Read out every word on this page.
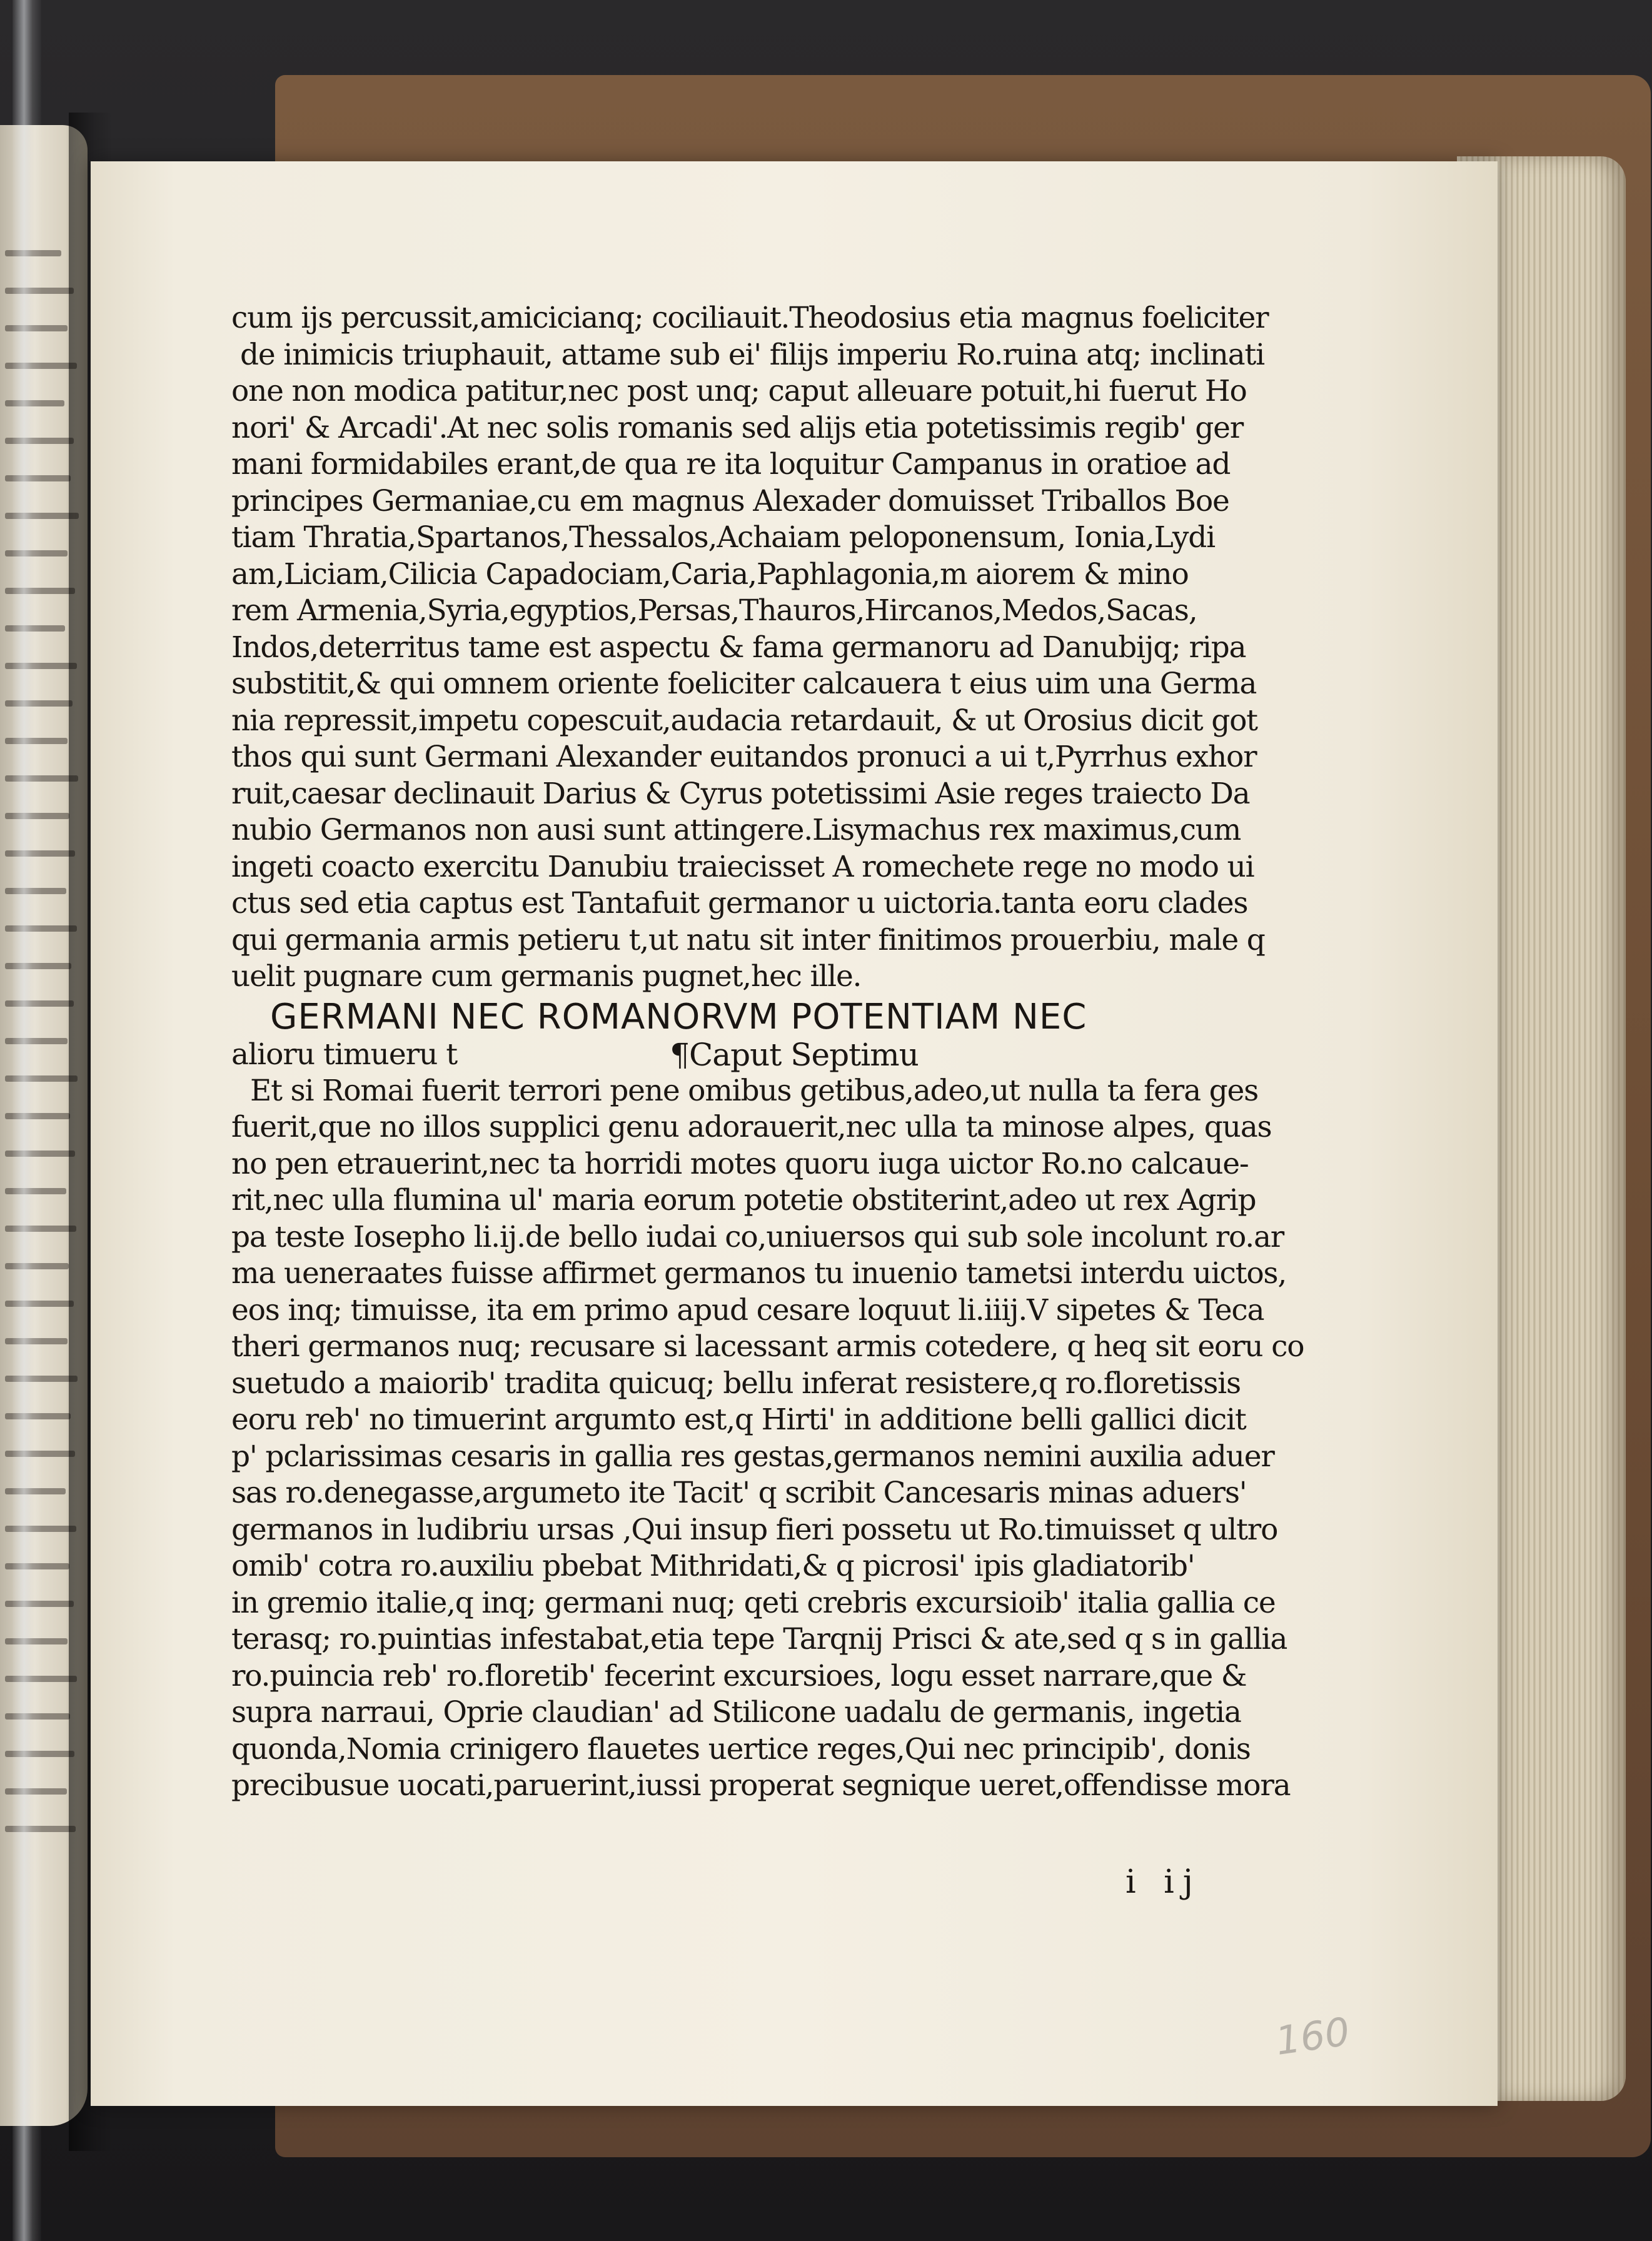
cum ijs percussit,amicicianq; cociliauit.Theodosius etia magnus foeliciter
de inimicis triuphauit, attame sub ei' filijs imperiu Ro.ruina atq; inclinati
one non modica patitur,nec post unq; caput alleuare potuit,hi fuerut Ho
nori' & Arcadi'.At nec solis romanis sed alijs etia potetissimis regib' ger
mani formidabiles erant,de qua re ita loquitur Campanus in oratioe ad
principes Germaniae,cu em magnus Alexader domuisset Triballos Boe
tiam Thratia,Spartanos,Thessalos,Achaiam peloponensum, Ionia,Lydi
am,Liciam,Cilicia Capadociam,Caria,Paphlagonia,m aiorem & mino
rem Armenia,Syria,egyptios,Persas,Thauros,Hircanos,Medos,Sacas,
Indos,deterritus tame est aspectu & fama germanoru ad Danubijq; ripa
substitit,& qui omnem oriente foeliciter calcauera t eius uim una Germa
nia repressit,impetu copescuit,audacia retardauit, & ut Orosius dicit got
thos qui sunt Germani Alexander euitandos pronuci a ui t,Pyrrhus exhor
ruit,caesar declinauit Darius & Cyrus potetissimi Asie reges traiecto Da
nubio Germanos non ausi sunt attingere.Lisymachus rex maximus,cum
ingeti coacto exercitu Danubiu traiecisset A romechete rege no modo ui
ctus sed etia captus est Tantafuit germanor u uictoria.tanta eoru clades
qui germania armis petieru t,ut natu sit inter finitimos prouerbiu, male q
uelit pugnare cum germanis pugnet,hec ille.
GERMANI NEC ROMANORVM POTENTIAM NEC
alioru timueru t	¶Caput Septimu
Et si Romai fuerit terrori pene omibus getibus,adeo,ut nulla ta fera ges
fuerit,que no illos supplici genu adorauerit,nec ulla ta minose alpes, quas
no pen etrauerint,nec ta horridi motes quoru iuga uictor Ro.no calcaue-
rit,nec ulla flumina ul' maria eorum potetie obstiterint,adeo ut rex Agrip
pa teste Iosepho li.ij.de bello iudai co,uniuersos qui sub sole incolunt ro.ar
ma ueneraates fuisse affirmet germanos tu inuenio tametsi interdu uictos,
eos inq; timuisse, ita em primo apud cesare loquut li.iiij.V sipetes & Teca
theri germanos nuq; recusare si lacessant armis cotedere, q heq sit eoru co
suetudo a maiorib' tradita quicuq; bellu inferat resistere,q ro.floretissis
eoru reb' no timuerint argumto est,q Hirti' in additione belli gallici dicit
p' pclarissimas cesaris in gallia res gestas,germanos nemini auxilia aduer
sas ro.denegasse,argumeto ite Tacit' q scribit Cancesaris minas aduers'
germanos in ludibriu ursas ,Qui insup fieri possetu ut Ro.timuisset q ultro
omib' cotra ro.auxiliu pbebat Mithridati,& q picrosi' ipis gladiatorib'
in gremio italie,q inq; germani nuq; qeti crebris excursioib' italia gallia ce
terasq; ro.puintias infestabat,etia tepe Tarqnij Prisci & ate,sed q s in gallia
ro.puincia reb' ro.floretib' fecerint excursioes, logu esset narrare,que &
supra narraui, Oprie claudian' ad Stilicone uadalu de germanis, ingetia
quonda,Nomia crinigero flauetes uertice reges,Qui nec principib', donis
precibusue uocati,paruerint,iussi properat segnique ueret,offendisse mora
i ij
160
